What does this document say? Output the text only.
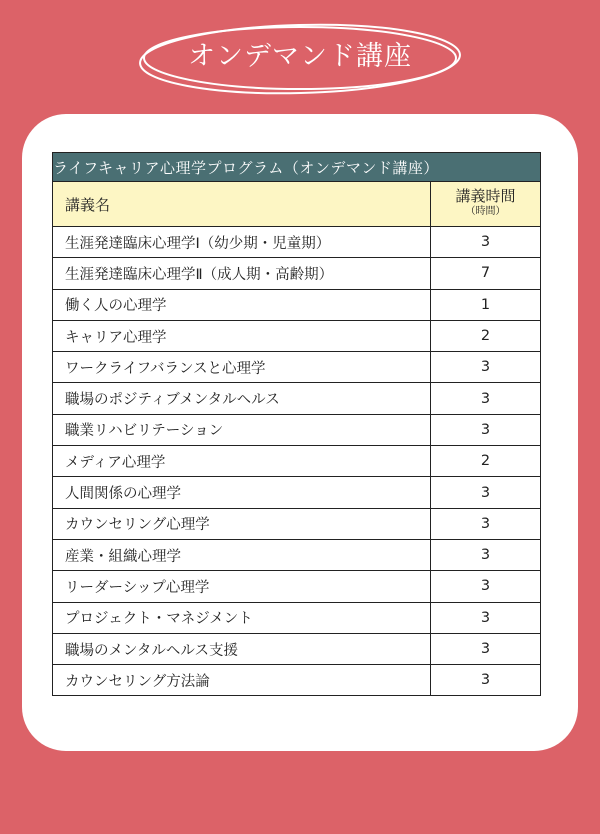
オンデマンド講座
ライフキャリア心理学プログラム（オンデマンド講座）	
講義名	講義時間
（時間）

生涯発達臨床心理学Ⅰ（幼少期・児童期）	3
生涯発達臨床心理学Ⅱ（成人期・高齢期）	7
働く人の心理学	1
キャリア心理学	2
ワークライフバランスと心理学	3
職場のポジティブメンタルヘルス	3
職業リハビリテーション	3
メディア心理学	2
人間関係の心理学	3
カウンセリング心理学	3
産業・組織心理学	3
リーダーシップ心理学	3
プロジェクト・マネジメント	3
職場のメンタルヘルス支援	3
カウンセリング方法論	3
